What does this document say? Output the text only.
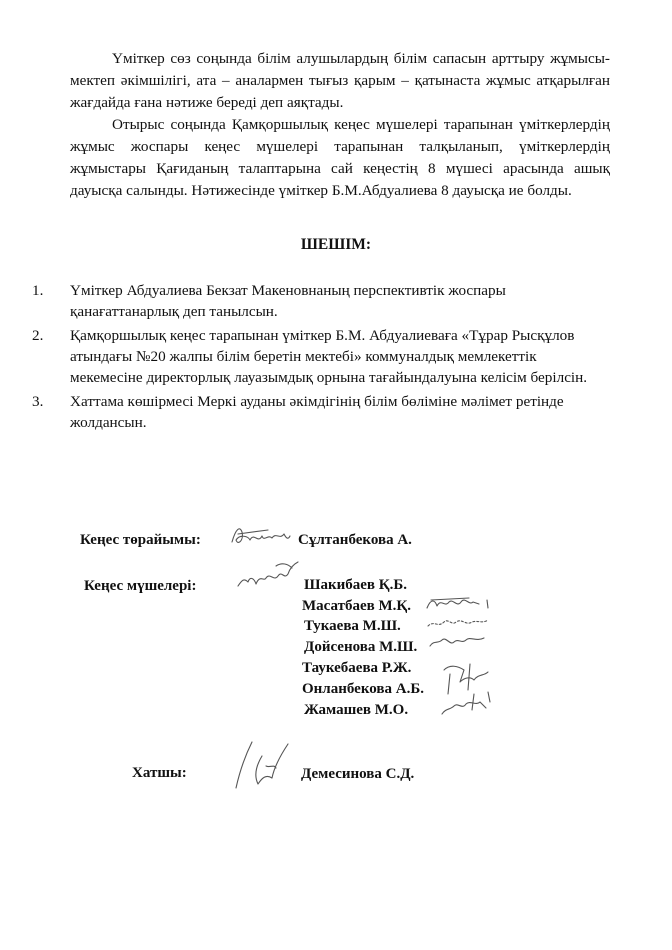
Үміткер сөз соңында білім алушылардың білім сапасын арттыру жұмысы- мектеп әкімшілігі, ата – аналармен тығыз қарым – қатынаста жұмыс атқарылған жағдайда ғана нәтиже береді деп аяқтады.

Отырыс соңында Қамқоршылық кеңес мүшелері тарапынан үміткерлердің жұмыс жоспары кеңес мүшелері тарапынан талқыланып, үміткерлердің жұмыстары Қағиданың талаптарына сай кеңестің 8 мүшесі арасында ашық дауысқа салынды. Нәтижесінде үміткер Б.М.Абдуалиева 8 дауысқа ие болды.

ШЕШІМ:
1. Үміткер Абдуалиева Бекзат Макеновнаның перспективтік жоспары қанағаттанарлық деп танылсын.
2. Қамқоршылық кеңес тарапынан үміткер Б.М. Абдуалиеваға «Тұрар Рысқұлов атындағы №20 жалпы білім беретін мектебі» коммуналдық мемлекеттік мекемесіне директорлық лауазымдық орнына тағайындалуына келісім берілсін.
3. Хаттама көшірмесі Меркі ауданы әкімдігінің білім бөліміне мәлімет ретінде жолдансын.
Кеңес төрайымы:	Сұлтанбекова А.
Кеңес мүшелері:	Шакибаев Қ.Б.
Масатбаев М.Қ.
Тукаева М.Ш.
Дойсенова М.Ш.
Таукебаева Р.Ж.
Онланбекова А.Б.
Жамашев М.О.
Хатшы:	Демесинова С.Д.
